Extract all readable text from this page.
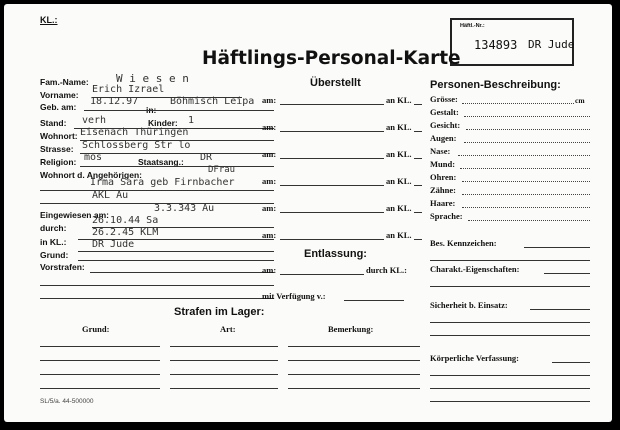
KL.:
Häftl.-Nr.:
134893 DR Jude
Häftlings-Personal-Karte
Fam.-Name: W i e s e n
Vorname: Erich Izrael
Geb. am: 18.12.97
in:
Böhmisch Leipa
Stand: verh	Kinder: 1
Wohnort: Eisenach Thüringen
Strasse: Schlossberg Str lo
Religion: mos	Staatsang.: DR
Wohnort d. Angehörigen:	DFrau
Irma Sara geb Firnbacher
AKL Au
3.3.343 Au
Eingewiesen am:
26.10.44 Sa
durch:	26.2.45 KLM
in KL.:	DR Jude
Grund:
Vorstrafen:
Überstellt
am:	an KL.
am:	an KL.
am:	an KL.
am:	an KL.
am:	an KL.
am:	an KL.
Entlassung:
am:	durch KL.:
mit Verfügung v.:
Strafen im Lager:
Grund:	Art:	Bemerkung:
SL/5/a. 44-500000
Personen-Beschreibung:
Grösse:	cm
Gestalt:
Gesicht:
Augen:
Nase:
Mund:
Ohren:
Zähne:
Haare:
Sprache:
Bes. Kennzeichen:
Charakt.-Eigenschaften:
Sicherheit b. Einsatz:
Körperliche Verfassung:
